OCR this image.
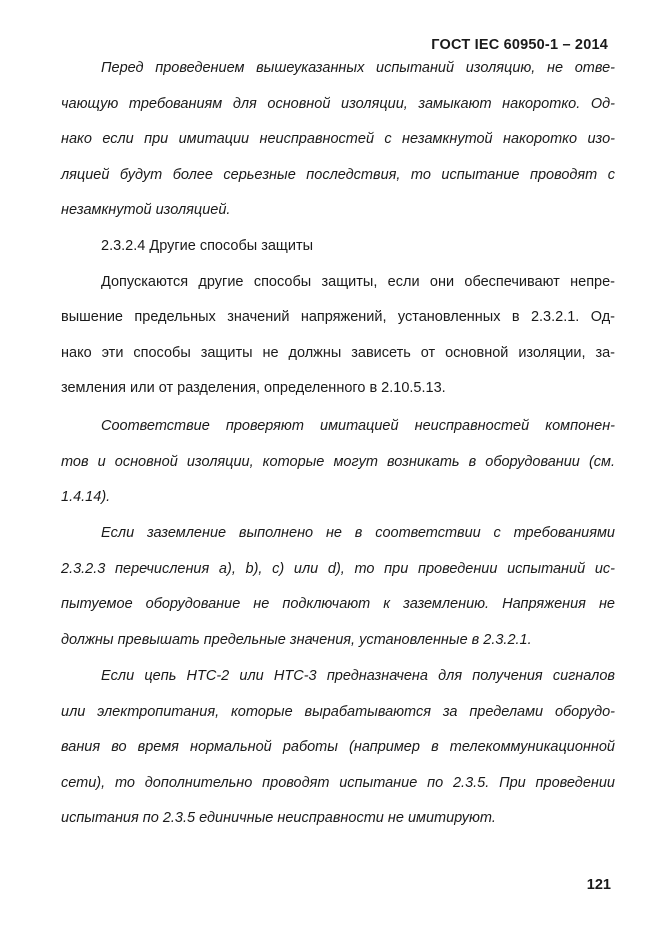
ГОСТ IEC 60950-1 – 2014
Перед проведением вышеуказанных испытаний изоляцию, не отве-
чающую требованиям для основной изоляции, замыкают накоротко. Од-
нако если при имитации неисправностей с незамкнутой накоротко изо-
ляцией будут более серьезные последствия, то испытание проводят с
незамкнутой изоляцией.
2.3.2.4 Другие способы защиты
Допускаются другие способы защиты, если они обеспечивают непре-
вышение предельных значений напряжений, установленных в 2.3.2.1. Од-
нако эти способы защиты не должны зависеть от основной изоляции, за-
земления или от разделения, определенного в 2.10.5.13.
Соответствие проверяют имитацией неисправностей компонен-
тов и основной изоляции, которые могут возникать в оборудовании (см.
1.4.14).
Если заземление выполнено не в соответствии с требованиями
2.3.2.3 перечисления a), b), c) или d), то при проведении испытаний ис-
пытуемое оборудование не подключают к заземлению. Напряжения не
должны превышать предельные значения, установленные в 2.3.2.1.
Если цепь НТС-2 или НТС-3 предназначена для получения сигналов
или электропитания, которые вырабатываются за пределами оборудо-
вания во время нормальной работы (например в телекоммуникационной
сети), то дополнительно проводят испытание по 2.3.5. При проведении
испытания по 2.3.5 единичные неисправности не имитируют.
121
